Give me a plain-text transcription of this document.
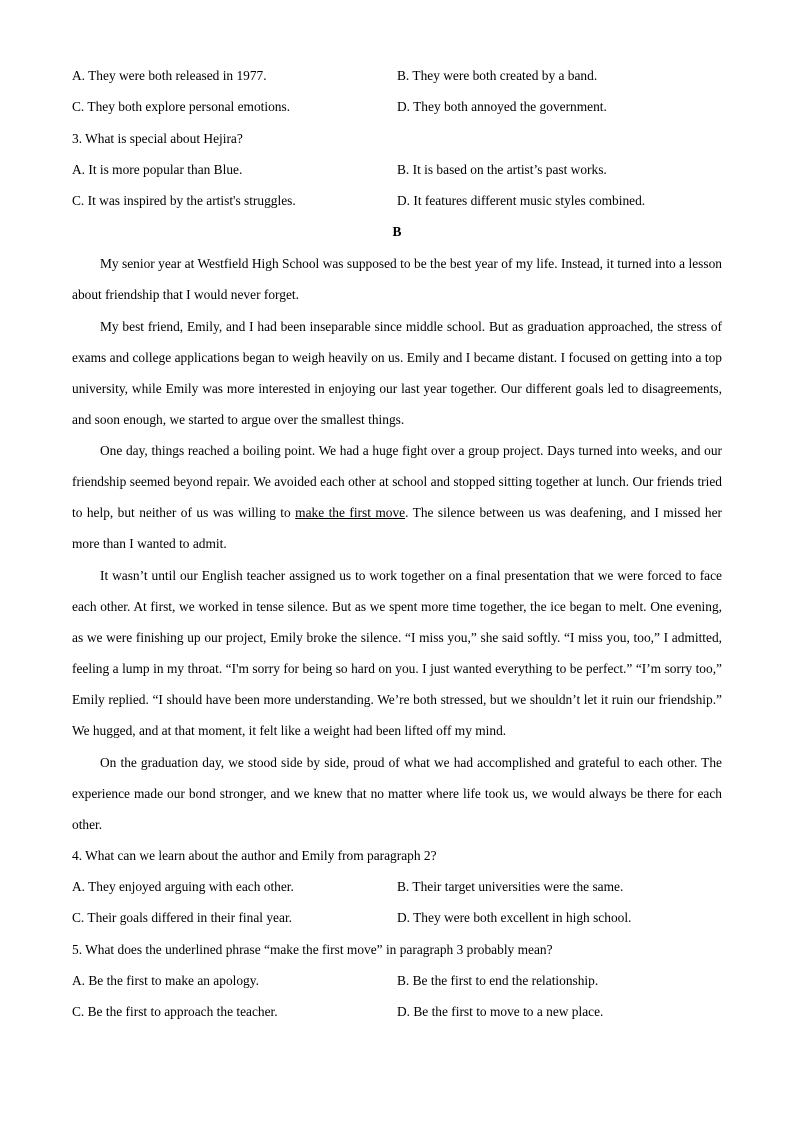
A. They were both released in 1977.	B. They were both created by a band.
C. They both explore personal emotions.	D. They both annoyed the government.
3. What is special about Hejira?
A. It is more popular than Blue.	B. It is based on the artist’s past works.
C. It was inspired by the artist's struggles.	D. It features different music styles combined.
B

My senior year at Westfield High School was supposed to be the best year of my life. Instead, it turned into a lesson about friendship that I would never forget.

My best friend, Emily, and I had been inseparable since middle school. But as graduation approached, the stress of exams and college applications began to weigh heavily on us. Emily and I became distant. I focused on getting into a top university, while Emily was more interested in enjoying our last year together. Our different goals led to disagreements, and soon enough, we started to argue over the smallest things.

One day, things reached a boiling point. We had a huge fight over a group project. Days turned into weeks, and our friendship seemed beyond repair. We avoided each other at school and stopped sitting together at lunch. Our friends tried to help, but neither of us was willing to make the first move. The silence between us was deafening, and I missed her more than I wanted to admit.

It wasn’t until our English teacher assigned us to work together on a final presentation that we were forced to face each other. At first, we worked in tense silence. But as we spent more time together, the ice began to melt. One evening, as we were finishing up our project, Emily broke the silence. “I miss you,” she said softly. “I miss you, too,” I admitted, feeling a lump in my throat. “I'm sorry for being so hard on you. I just wanted everything to be perfect.” “I’m sorry too,” Emily replied. “I should have been more understanding. We’re both stressed, but we shouldn’t let it ruin our friendship.” We hugged, and at that moment, it felt like a weight had been lifted off my mind.

On the graduation day, we stood side by side, proud of what we had accomplished and grateful to each other. The experience made our bond stronger, and we knew that no matter where life took us, we would always be there for each other.

4. What can we learn about the author and Emily from paragraph 2?
A. They enjoyed arguing with each other.	B. Their target universities were the same.
C. Their goals differed in their final year.	D. They were both excellent in high school.
5. What does the underlined phrase “make the first move” in paragraph 3 probably mean?
A. Be the first to make an apology.	B. Be the first to end the relationship.
C. Be the first to approach the teacher.	D. Be the first to move to a new place.
